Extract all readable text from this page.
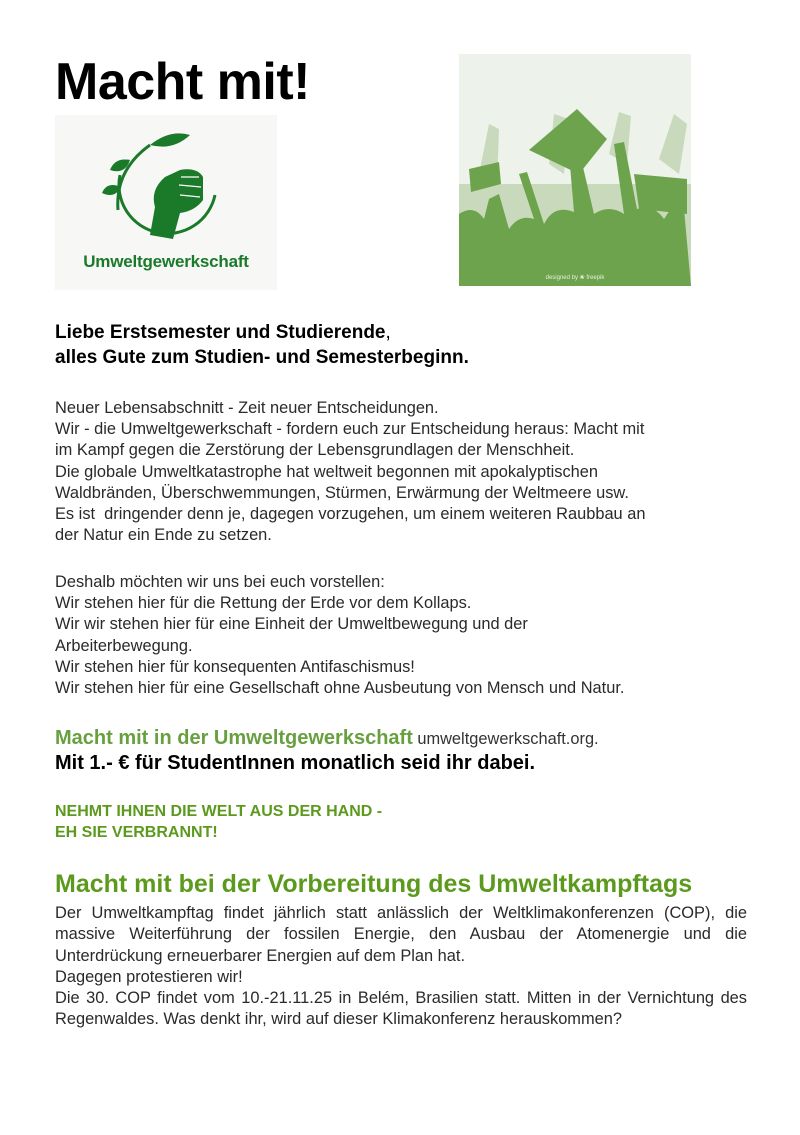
Macht mit!
Umweltgewerkschaft
designed by ❀ freepik
Liebe Erstsemester und Studierende,
alles Gute zum Studien- und Semesterbeginn.
Neuer Lebensabschnitt - Zeit neuer Entscheidungen.
Wir - die Umweltgewerkschaft - fordern euch zur Entscheidung heraus: Macht mit
im Kampf gegen die Zerstörung der Lebensgrundlagen der Menschheit.
Die globale Umweltkatastrophe hat weltweit begonnen mit apokalyptischen
Waldbränden, Überschwemmungen, Stürmen, Erwärmung der Weltmeere usw.
Es ist  dringender denn je, dagegen vorzugehen, um einem weiteren Raubbau an
der Natur ein Ende zu setzen.
Deshalb möchten wir uns bei euch vorstellen:
Wir stehen hier für die Rettung der Erde vor dem Kollaps.
Wir wir stehen hier für eine Einheit der Umweltbewegung und der
Arbeiterbewegung.
Wir stehen hier für konsequenten Antifaschismus!
Wir stehen hier für eine Gesellschaft ohne Ausbeutung von Mensch und Natur.
Macht mit in der Umweltgewerkschaft umweltgewerkschaft.org.
Mit 1.- € für StudentInnen monatlich seid ihr dabei.
NEHMT IHNEN DIE WELT AUS DER HAND -
EH SIE VERBRANNT!
Macht mit bei der Vorbereitung des Umweltkampftags
Der Umweltkampftag findet jährlich statt anlässlich der Weltklimakonferenzen (COP), die massive Weiterführung der fossilen Energie, den Ausbau der Atomenergie und die Unterdrückung erneuerbarer Energien auf dem Plan hat.
Dagegen protestieren wir!
Die 30. COP findet vom 10.-21.11.25 in Belém, Brasilien statt. Mitten in der Vernichtung des Regenwaldes. Was denkt ihr, wird auf dieser Klimakonferenz herauskommen?
